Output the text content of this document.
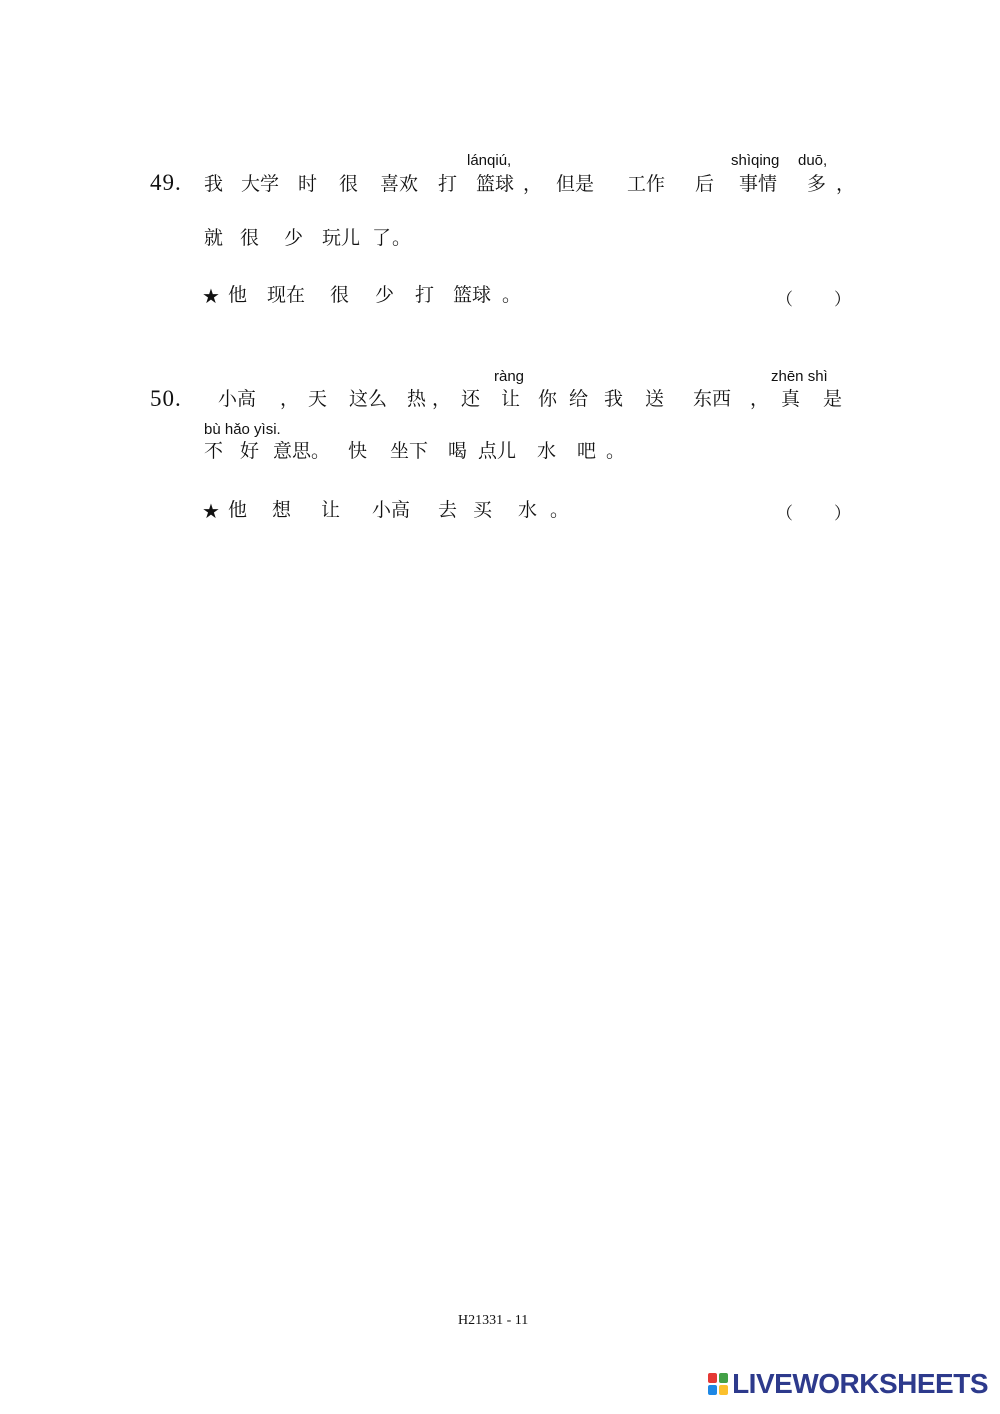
49.
lánqiú,	shìqing duō,
我 大学 时 很 喜欢 打 篮球 ， 但是 工作 后 事情 多 ，
就 很 少 玩儿 了 。
★ 他 现在 很 少 打 篮球 。	（ ）
50.
ràng	zhēn shì
小高 ， 天 这么 热 ， 还 让 你 给 我 送 东西 ， 真 是
bù hǎo yìsi.
不 好 意思。 快 坐下 喝 点儿 水 吧 。
★ 他 想 让 小高 去 买 水 。	（ ）
H21331 - 11
LIVEWORKSHEETS
